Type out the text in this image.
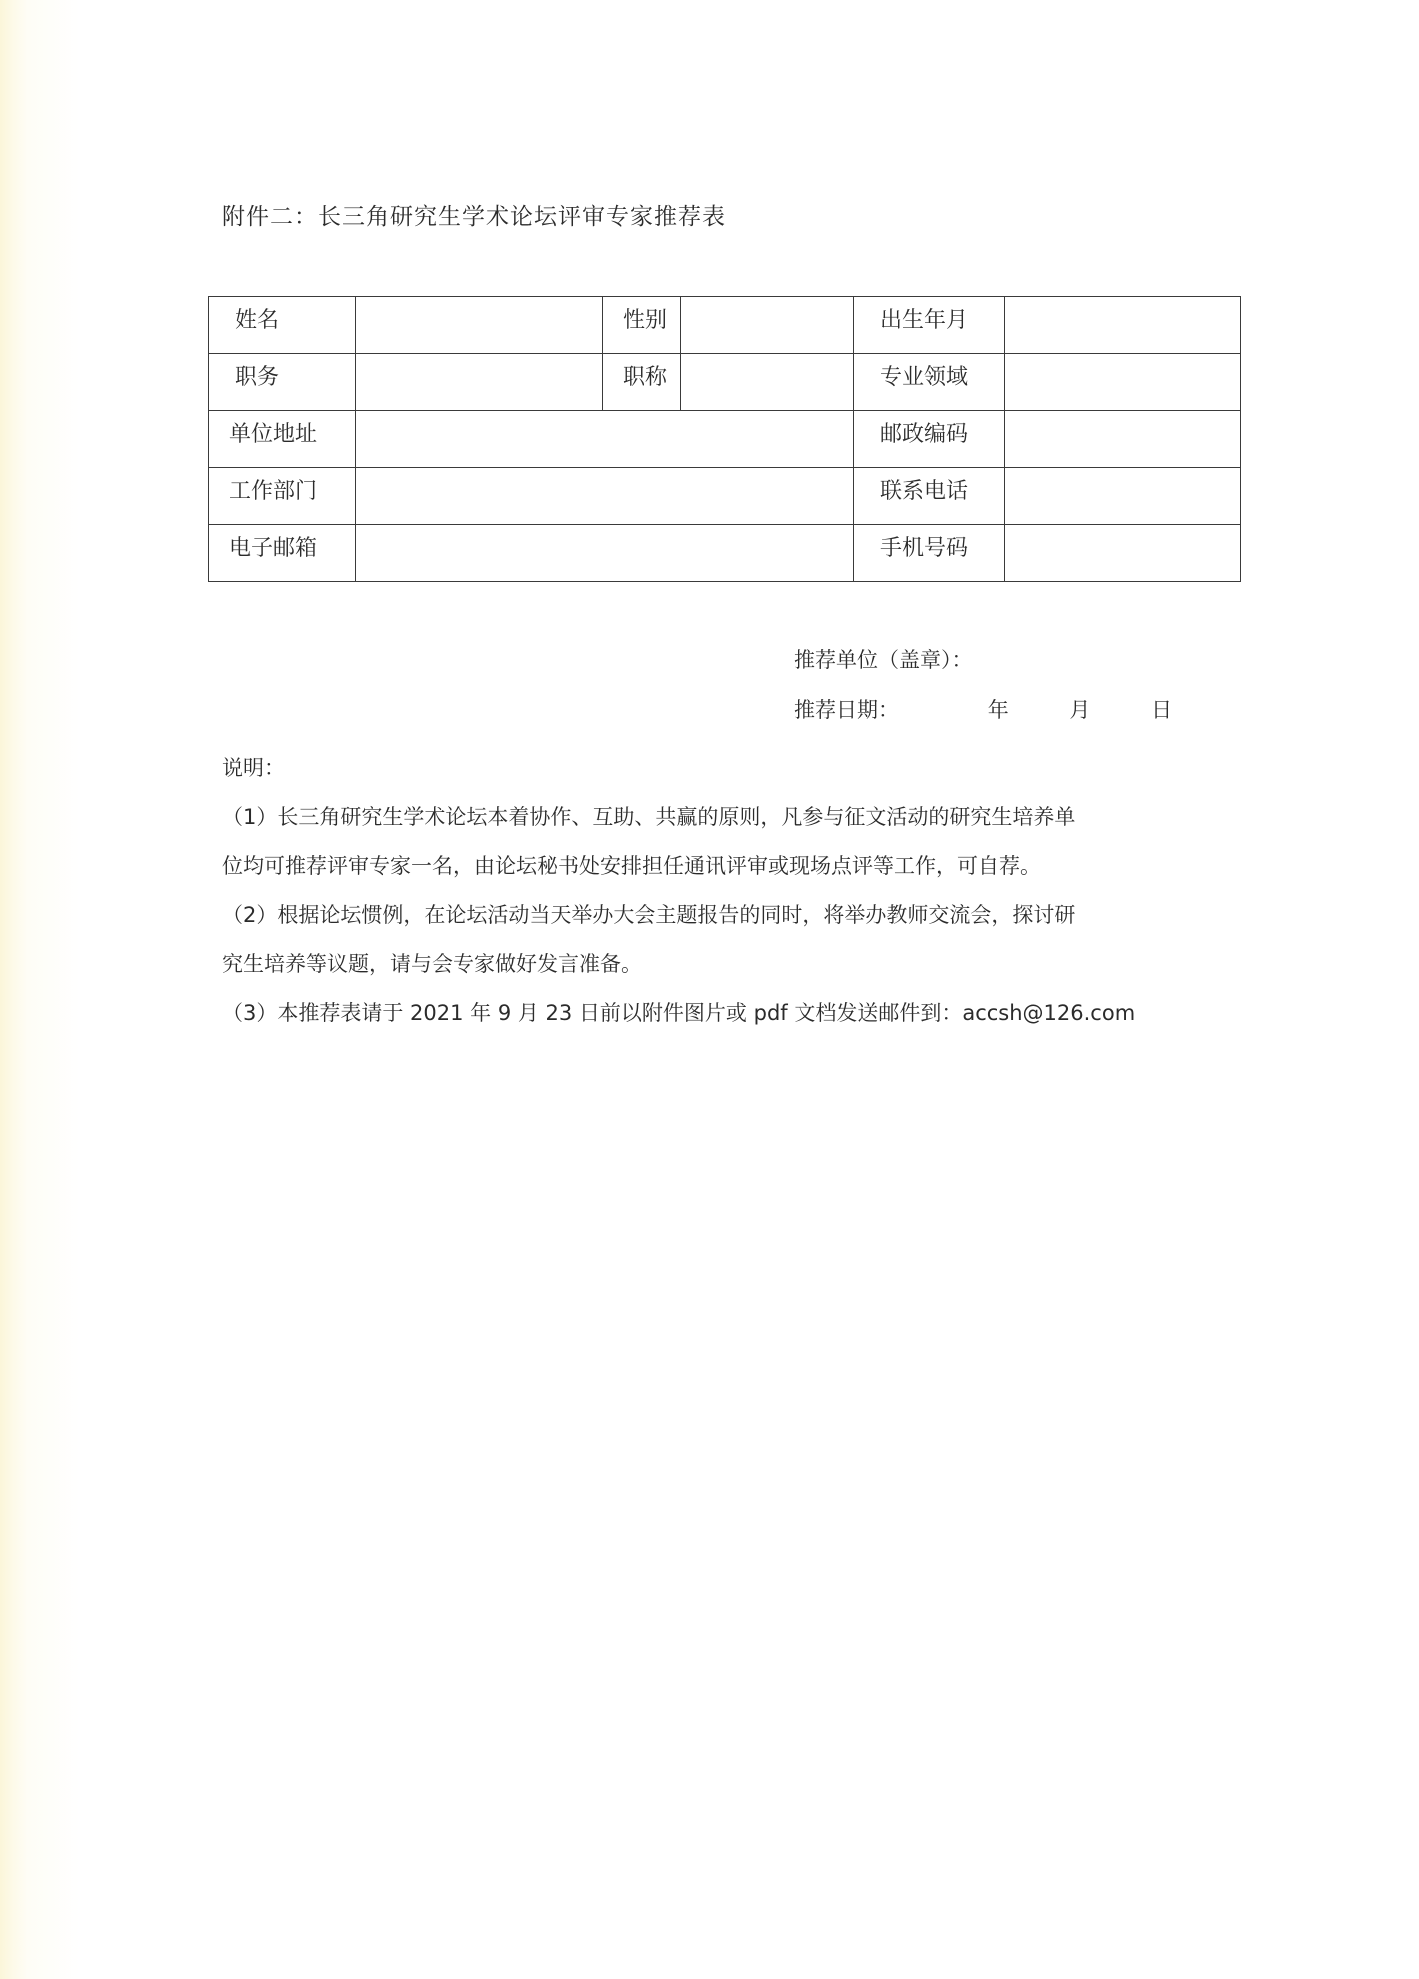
附件二：长三角研究生学术论坛评审专家推荐表
姓名		性别		出生年月	
职务		职称		专业领域	
单位地址				邮政编码	
工作部门				联系电话	
电子邮箱				手机号码	
推荐单位（盖章）：
推荐日期：	年	月	日

说明：

（1）长三角研究生学术论坛本着协作、互助、共赢的原则，凡参与征文活动的研究生培养单

位均可推荐评审专家一名，由论坛秘书处安排担任通讯评审或现场点评等工作，可自荐。

（2）根据论坛惯例，在论坛活动当天举办大会主题报告的同时，将举办教师交流会，探讨研

究生培养等议题，请与会专家做好发言准备。

（3）本推荐表请于 2021 年 9 月 23 日前以附件图片或 pdf 文档发送邮件到：accsh@126.com
